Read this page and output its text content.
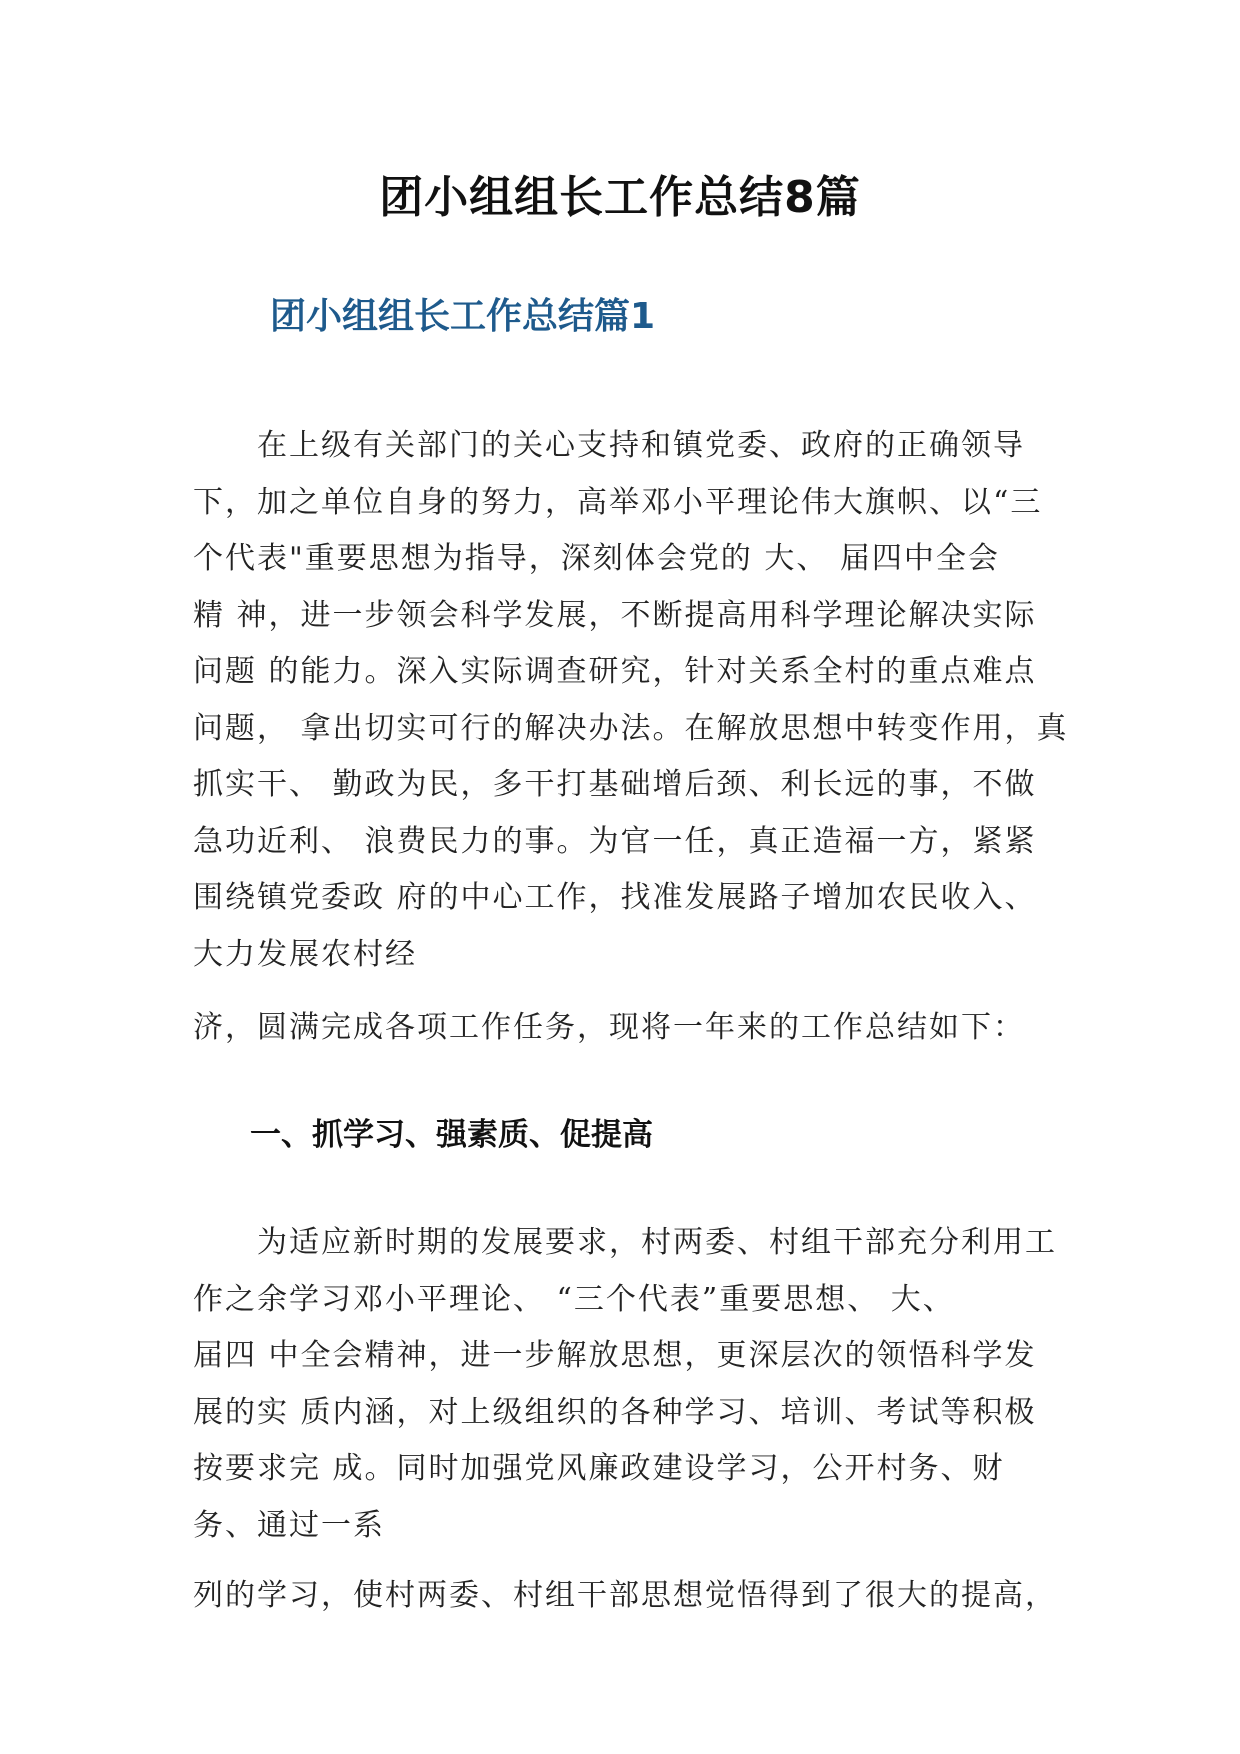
团小组组长工作总结8篇
团小组组长工作总结篇1
　　在上级有关部门的关心支持和镇党委、政府的正确领导
下，加之单位自身的努力，高举邓小平理论伟大旗帜、以“三
个代表"重要思想为指导，深刻体会党的 大、 届四中全会
精 神，进一步领会科学发展，不断提高用科学理论解决实际
问题 的能力。深入实际调查研究，针对关系全村的重点难点
问题， 拿出切实可行的解决办法。在解放思想中转变作用，真
抓实干、 勤政为民，多干打基础增后颈、利长远的事，不做
急功近利、 浪费民力的事。为官一任，真正造福一方，紧紧
围绕镇党委政 府的中心工作，找准发展路子增加农民收入、
大力发展农村经
济，圆满完成各项工作任务，现将一年来的工作总结如下：
一、抓学习、强素质、促提高
　　为适应新时期的发展要求，村两委、村组干部充分利用工
作之余学习邓小平理论、 “三个代表”重要思想、 大、
届四 中全会精神，进一步解放思想，更深层次的领悟科学发
展的实 质内涵，对上级组织的各种学习、培训、考试等积极
按要求完 成。同时加强党风廉政建设学习，公开村务、财
务、通过一系
列的学习，使村两委、村组干部思想觉悟得到了很大的提高，
